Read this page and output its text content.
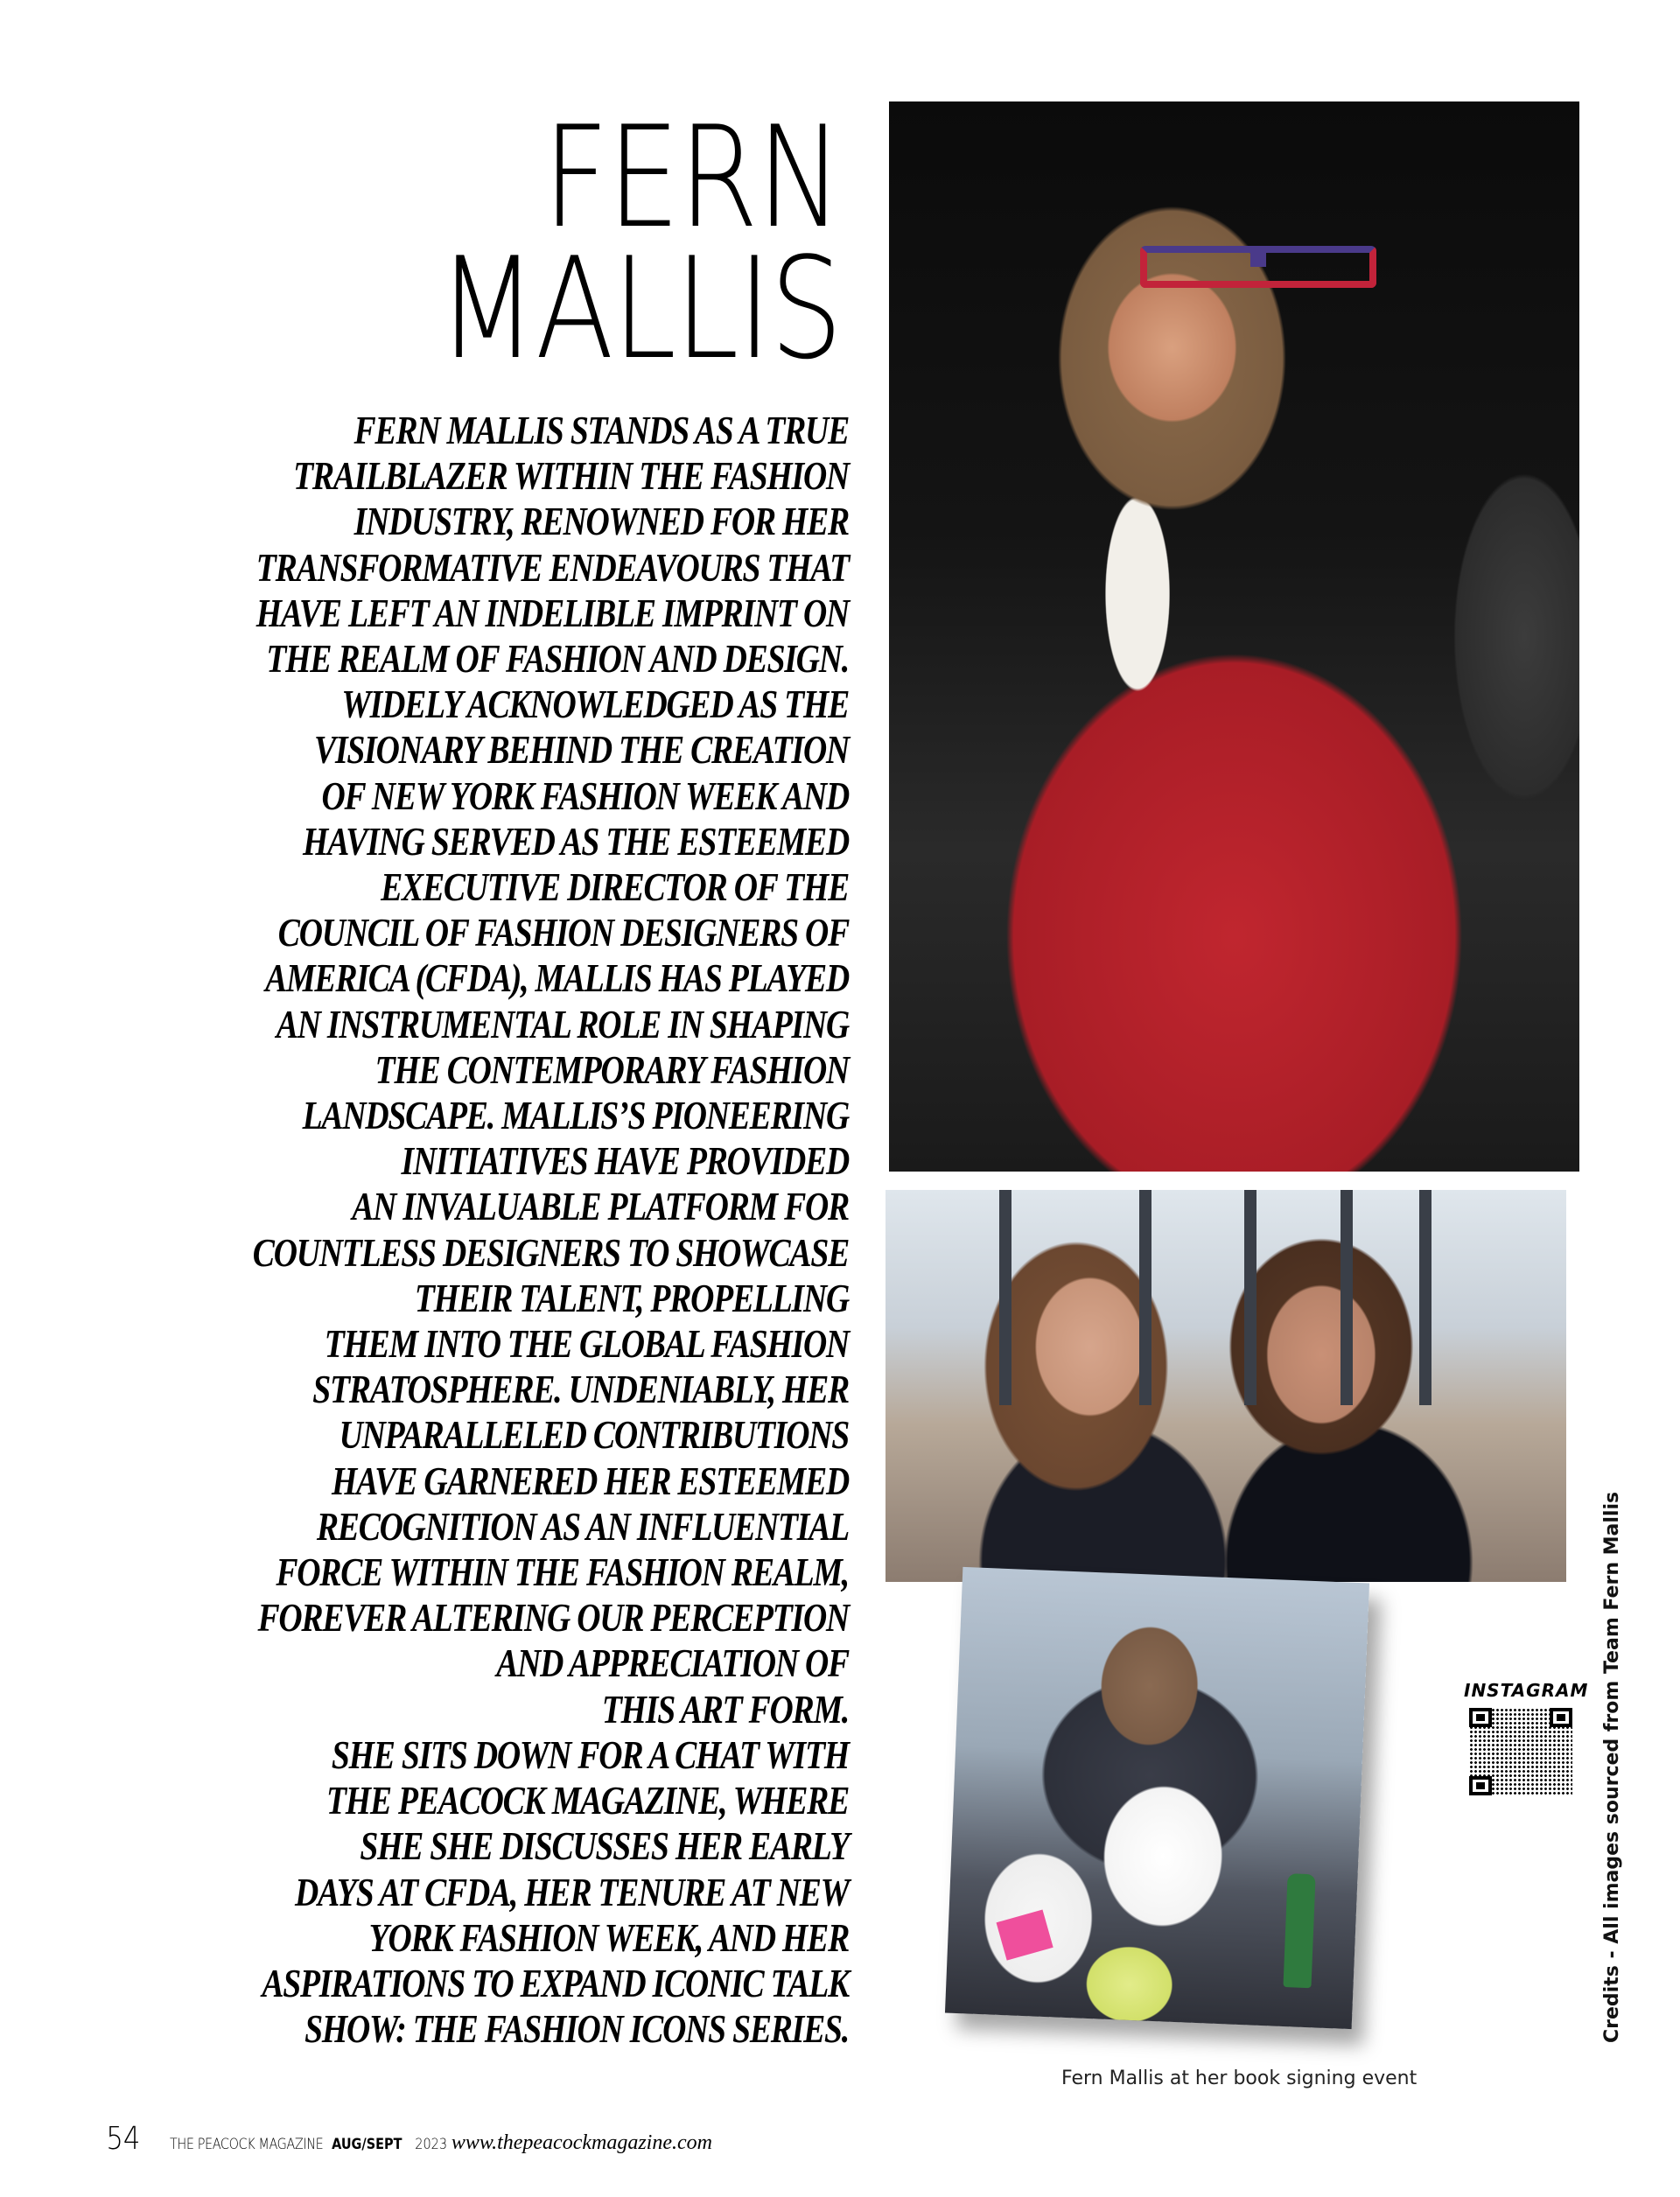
FERN
MALLIS
FERN MALLIS STANDS AS A TRUE
TRAILBLAZER WITHIN THE FASHION
INDUSTRY, RENOWNED FOR HER
TRANSFORMATIVE ENDEAVOURS THAT
HAVE LEFT AN INDELIBLE IMPRINT ON
THE REALM OF FASHION AND DESIGN.
WIDELY ACKNOWLEDGED AS THE
VISIONARY BEHIND THE CREATION
OF NEW YORK FASHION WEEK AND
HAVING SERVED AS THE ESTEEMED
EXECUTIVE DIRECTOR OF THE
COUNCIL OF FASHION DESIGNERS OF
AMERICA (CFDA), MALLIS HAS PLAYED
AN INSTRUMENTAL ROLE IN SHAPING
THE CONTEMPORARY FASHION
LANDSCAPE. MALLIS’S PIONEERING
INITIATIVES HAVE PROVIDED
AN INVALUABLE PLATFORM FOR
COUNTLESS DESIGNERS TO SHOWCASE
THEIR TALENT, PROPELLING
THEM INTO THE GLOBAL FASHION
STRATOSPHERE. UNDENIABLY, HER
UNPARALLELED CONTRIBUTIONS
HAVE GARNERED HER ESTEEMED
RECOGNITION AS AN INFLUENTIAL
FORCE WITHIN THE FASHION REALM,
FOREVER ALTERING OUR PERCEPTION
AND APPRECIATION OF
THIS ART FORM.
SHE SITS DOWN FOR A CHAT WITH
THE PEACOCK MAGAZINE, WHERE
SHE SHE DISCUSSES HER EARLY
DAYS AT CFDA, HER TENURE AT NEW
YORK FASHION WEEK, AND HER
ASPIRATIONS TO EXPAND ICONIC TALK
SHOW: THE FASHION ICONS SERIES.
Fern Mallis at her book signing event
INSTAGRAM Credits - All images sourced from Team Fern Mallis
54 THE PEACOCK MAGAZINE AUG/SEPT 2023 www.thepeacockmagazine.com
